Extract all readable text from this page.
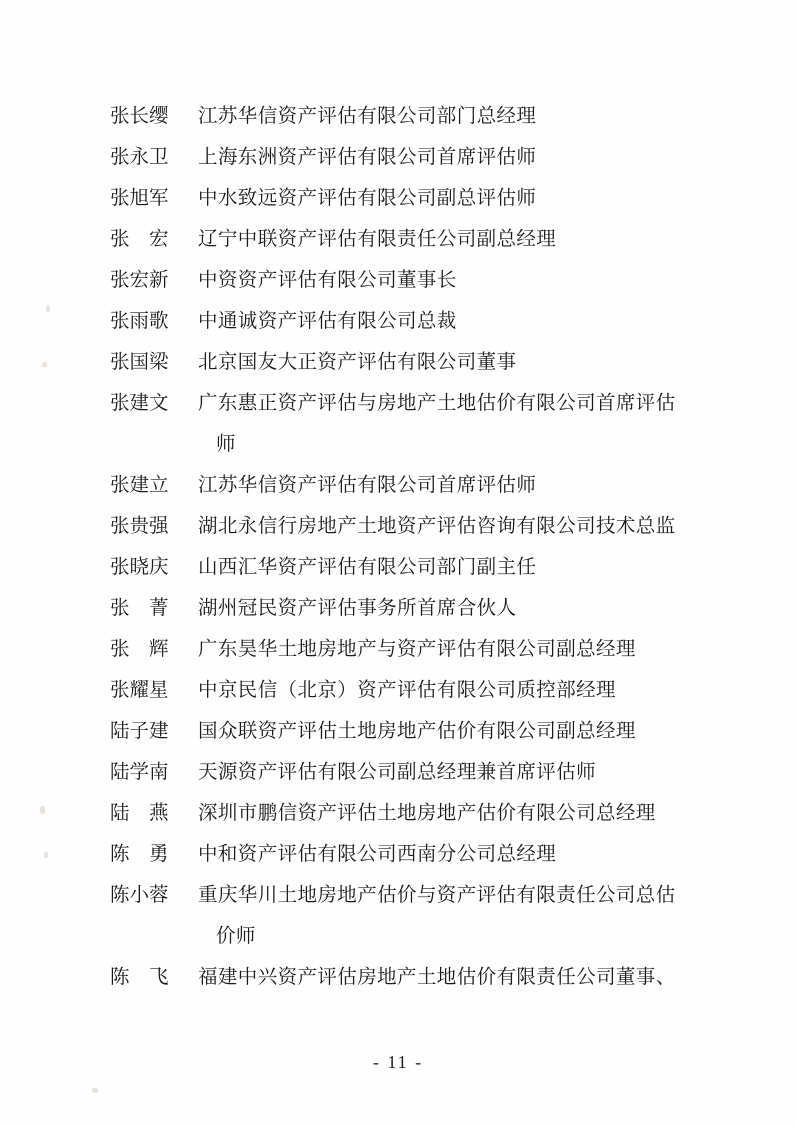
张长缨	江苏华信资产评估有限公司部门总经理
张永卫	上海东洲资产评估有限公司首席评估师
张旭军	中水致远资产评估有限公司副总评估师
张　宏	辽宁中联资产评估有限责任公司副总经理
张宏新	中资资产评估有限公司董事长
张雨歌	中通诚资产评估有限公司总裁
张国梁	北京国友大正资产评估有限公司董事
张建文	广东惠正资产评估与房地产土地估价有限公司首席评估
师
张建立	江苏华信资产评估有限公司首席评估师
张贵强	湖北永信行房地产土地资产评估咨询有限公司技术总监
张晓庆	山西汇华资产评估有限公司部门副主任
张　菁	湖州冠民资产评估事务所首席合伙人
张　辉	广东昊华土地房地产与资产评估有限公司副总经理
张耀星	中京民信（北京）资产评估有限公司质控部经理
陆子建	国众联资产评估土地房地产估价有限公司副总经理
陆学南	天源资产评估有限公司副总经理兼首席评估师
陆　燕	深圳市鹏信资产评估土地房地产估价有限公司总经理
陈　勇	中和资产评估有限公司西南分公司总经理
陈小蓉	重庆华川土地房地产估价与资产评估有限责任公司总估
价师
陈　飞	福建中兴资产评估房地产土地估价有限责任公司董事、
- 11 -
